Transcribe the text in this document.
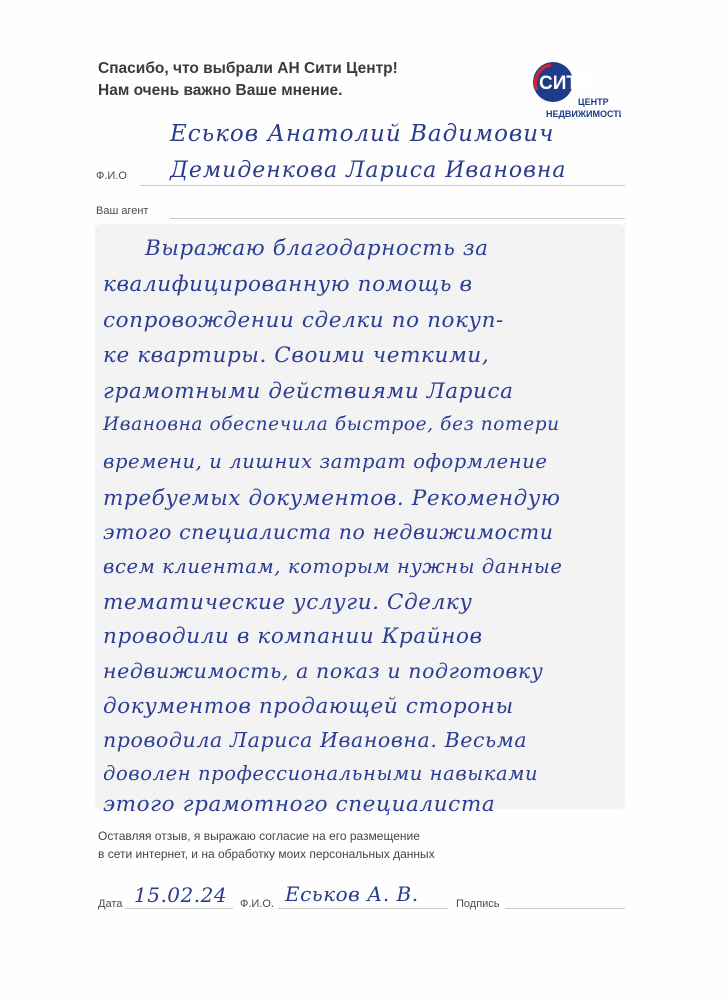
Спасибо, что выбрали АН Сити Центр!
Нам очень важно Ваше мнение.	СИТИ
ЦЕНТР
НЕДВИЖИМОСТИ
Еськов Анатолий Вадимович
Ф.И.О Демиденкова Лариса Ивановна
Ваш агент
Выражаю благодарность за
квалифицированную помощь в
сопровождении сделки по покуп-
ке квартиры. Своими четкими,
грамотными действиями Лариса
Ивановна обеспечила быстрое, без потери
времени, и лишних затрат оформление
требуемых документов. Рекомендую
этого специалиста по недвижимости
всем клиентам, которым нужны данные
тематические услуги. Сделку
проводили в компании Крайнов
недвижимость, а показ и подготовку
документов продающей стороны
проводила Лариса Ивановна. Весьма
доволен профессиональными навыками
этого грамотного специалиста
Оставляя отзыв, я выражаю согласие на его размещение
в сети интернет, и на обработку моих персональных данных
Дата 15.02.24 Ф.И.О. Еськов А. В.	Подпись
